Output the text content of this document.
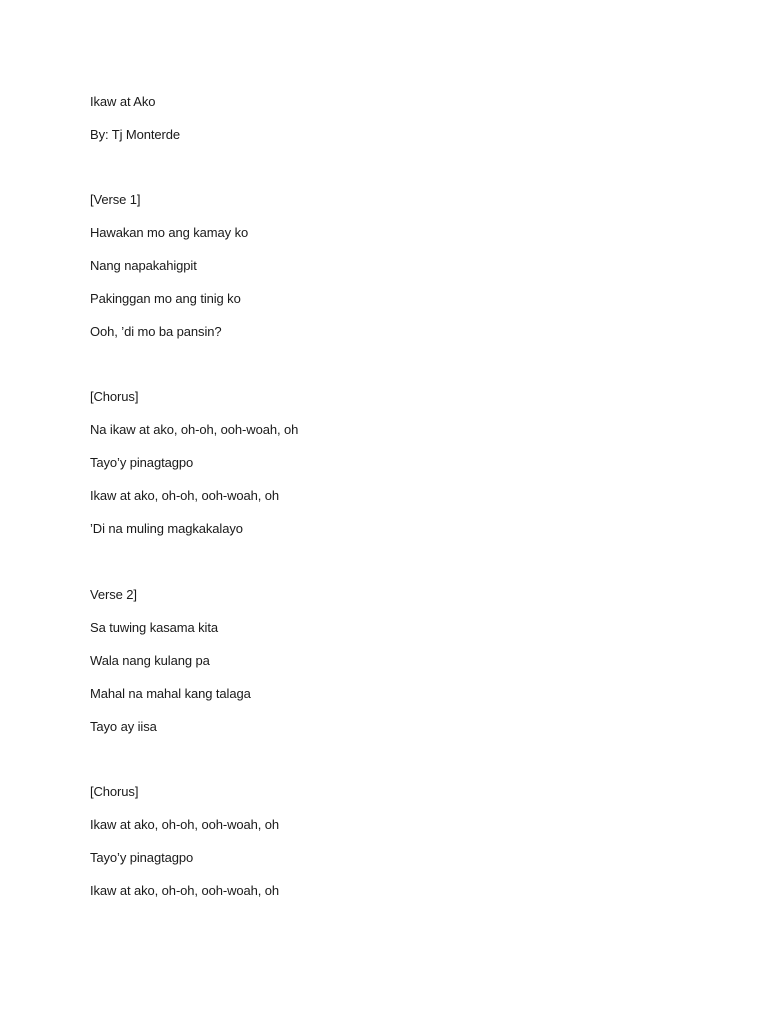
Ikaw at Ako
By: Tj Monterde
[Verse 1]
Hawakan mo ang kamay ko
Nang napakahigpit
Pakinggan mo ang tinig ko
Ooh, ’di mo ba pansin?
[Chorus]
Na ikaw at ako, oh-oh, ooh-woah, oh
Tayo’y pinagtagpo
Ikaw at ako, oh-oh, ooh-woah, oh
’Di na muling magkakalayo
Verse 2]
Sa tuwing kasama kita
Wala nang kulang pa
Mahal na mahal kang talaga
Tayo ay iisa
[Chorus]
Ikaw at ako, oh-oh, ooh-woah, oh
Tayo’y pinagtagpo
Ikaw at ako, oh-oh, ooh-woah, oh
